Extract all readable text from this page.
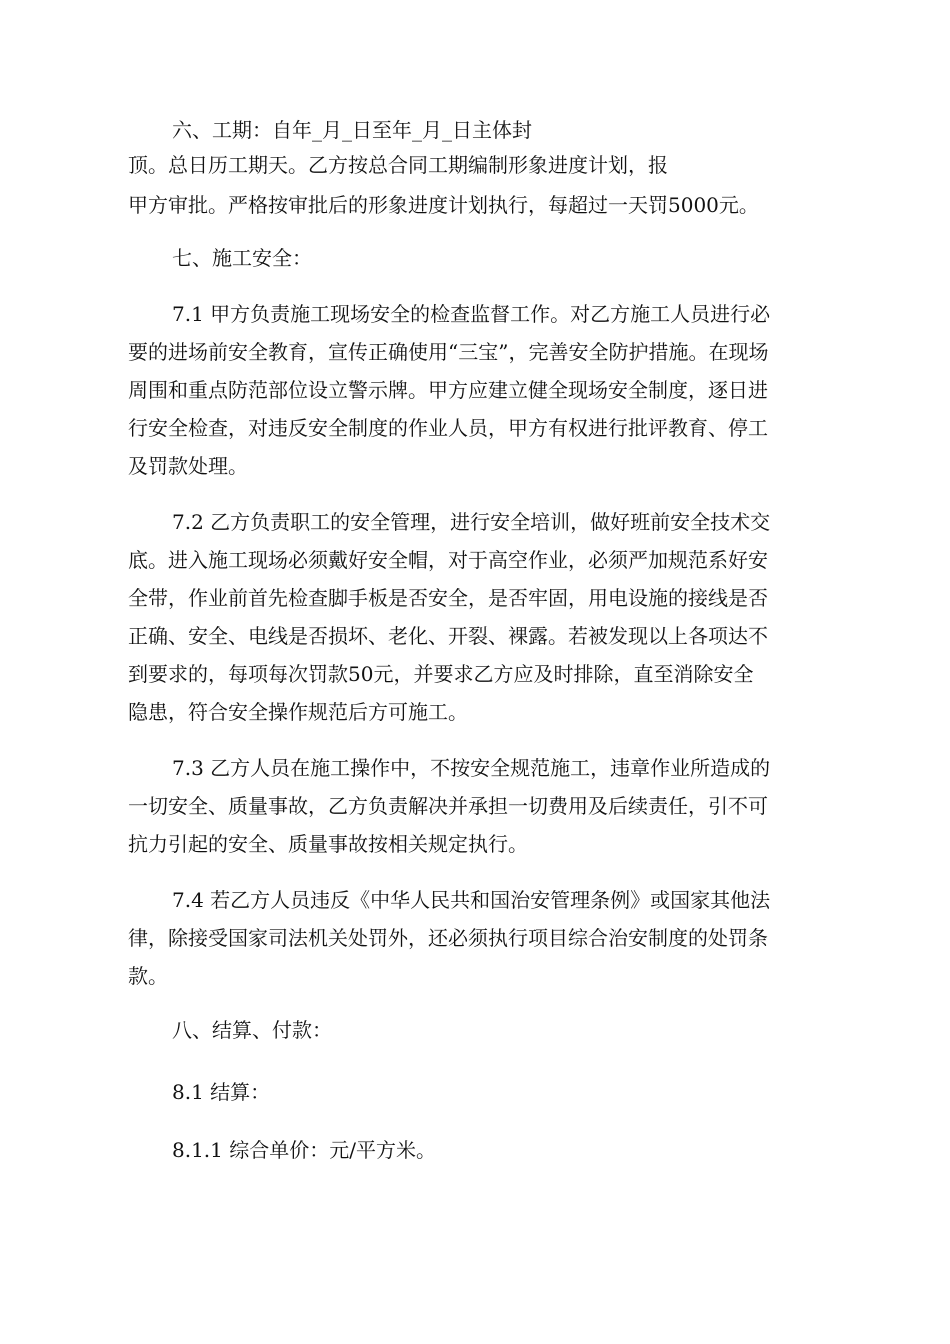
六、工期：自年_月_日至年_月_日主体封
顶。总日历工期天。乙方按总合同工期编制形象进度计划，报
甲方审批。严格按审批后的形象进度计划执行，每超过一天罚5000元。
七、施工安全：
7.1 甲方负责施工现场安全的检查监督工作。对乙方施工人员进行必
要的进场前安全教育，宣传正确使用“三宝”，完善安全防护措施。在现场
周围和重点防范部位设立警示牌。甲方应建立健全现场安全制度，逐日进
行安全检查，对违反安全制度的作业人员，甲方有权进行批评教育、停工
及罚款处理。
7.2 乙方负责职工的安全管理，进行安全培训，做好班前安全技术交
底。进入施工现场必须戴好安全帽，对于高空作业，必须严加规范系好安
全带，作业前首先检查脚手板是否安全，是否牢固，用电设施的接线是否
正确、安全、电线是否损坏、老化、开裂、裸露。若被发现以上各项达不
到要求的，每项每次罚款50元，并要求乙方应及时排除，直至消除安全
隐患，符合安全操作规范后方可施工。
7.3 乙方人员在施工操作中，不按安全规范施工，违章作业所造成的
一切安全、质量事故，乙方负责解决并承担一切费用及后续责任，引不可
抗力引起的安全、质量事故按相关规定执行。
7.4 若乙方人员违反《中华人民共和国治安管理条例》或国家其他法
律，除接受国家司法机关处罚外，还必须执行项目综合治安制度的处罚条
款。
八、结算、付款：
8.1 结算：
8.1.1 综合单价：元/平方米。
